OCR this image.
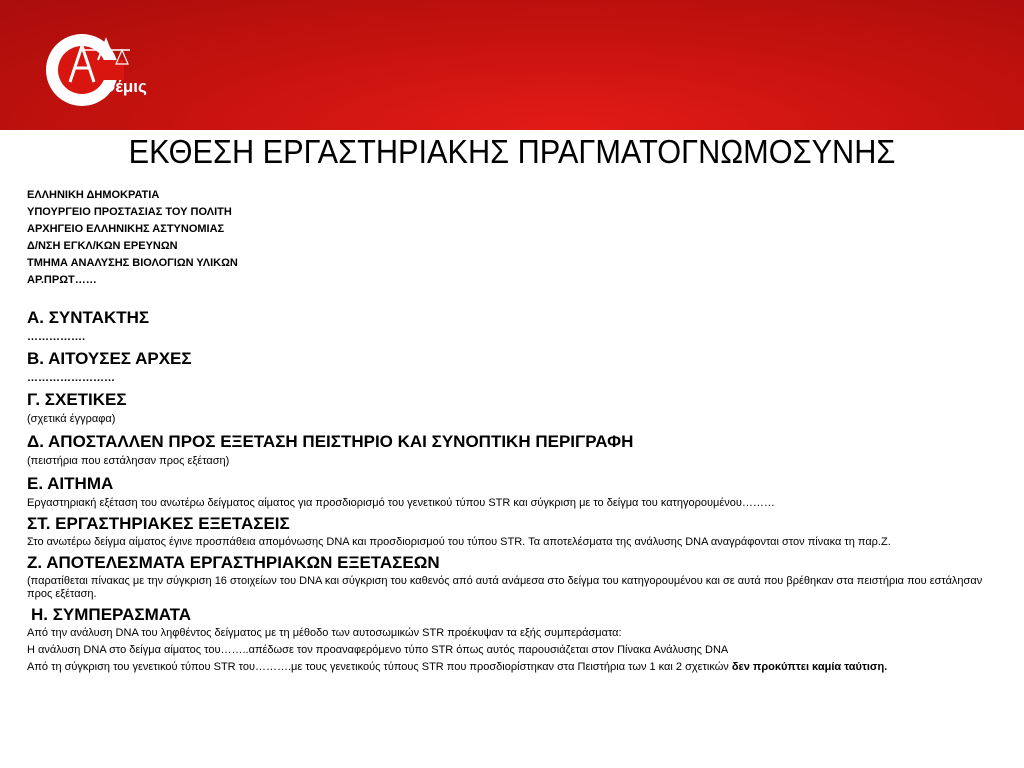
Θέμις
ΕΚΘΕΣΗ ΕΡΓΑΣΤΗΡΙΑΚΗΣ ΠΡΑΓΜΑΤΟΓΝΩΜΟΣΥΝΗΣ
ΕΛΛΗΝΙΚΗ ΔΗΜΟΚΡΑΤΙΑ
ΥΠΟΥΡΓΕΙΟ ΠΡΟΣΤΑΣΙΑΣ ΤΟΥ ΠΟΛΙΤΗ
ΑΡΧΗΓΕΙΟ ΕΛΛΗΝΙΚΗΣ ΑΣΤΥΝΟΜΙΑΣ
Δ/ΝΣΗ ΕΓΚΛ/ΚΩΝ ΕΡΕΥΝΩΝ
ΤΜΗΜΑ ΑΝΑΛΥΣΗΣ ΒΙΟΛΟΓΙΩΝ ΥΛΙΚΩΝ
ΑΡ.ΠΡΩΤ……
Α. ΣΥΝΤΑΚΤΗΣ
…………….
Β. ΑΙΤΟΥΣΕΣ ΑΡΧΕΣ
……………………
Γ. ΣΧΕΤΙΚΕΣ
(σχετικά έγγραφα)
Δ. ΑΠΟΣΤΑΛΛΕΝ ΠΡΟΣ ΕΞΕΤΑΣΗ ΠΕΙΣΤΗΡΙΟ ΚΑΙ ΣΥΝΟΠΤΙΚΗ ΠΕΡΙΓΡΑΦΗ
(πειστήρια που εστάλησαν προς εξέταση)
Ε. ΑΙΤΗΜΑ
Εργαστηριακή εξέταση του ανωτέρω δείγματος αίματος για προσδιορισμό του γενετικού τύπου STR και σύγκριση με το δείγμα του κατηγορουμένου………
ΣΤ. ΕΡΓΑΣΤΗΡΙΑΚΕΣ ΕΞΕΤΑΣΕΙΣ
Στο ανωτέρω δείγμα αίματος έγινε προσπάθεια απομόνωσης DNA και προσδιορισμού του τύπου STR. Τα αποτελέσματα της ανάλυσης DNA αναγράφονται στον πίνακα τη παρ.Ζ.
Ζ. ΑΠΟΤΕΛΕΣΜΑΤΑ ΕΡΓΑΣΤΗΡΙΑΚΩΝ ΕΞΕΤΑΣΕΩΝ
(παρατίθεται πίνακας με την σύγκριση 16 στοιχείων του DNA και σύγκριση του καθενός από αυτά ανάμεσα στο δείγμα του κατηγορουμένου και σε αυτά που βρέθηκαν στα πειστήρια που εστάλησαν προς εξέταση.
Η. ΣΥΜΠΕΡΑΣΜΑΤΑ
Από την ανάλυση DNA του ληφθέντος δείγματος με τη μέθοδο των αυτοσωμικών STR προέκυψαν τα εξής συμπεράσματα:
Η ανάλυση DNA στο δείγμα αίματος του……..απέδωσε τον προαναφερόμενο τύπο STR όπως αυτός παρουσιάζεται στον Πίνακα Ανάλυσης DNA
Από τη σύγκριση του γενετικού τύπου STR του……….με τους γενετικούς τύπους STR που προσδιορίστηκαν στα Πειστήρια των 1 και 2 σχετικών δεν προκύπτει καμία ταύτιση.
